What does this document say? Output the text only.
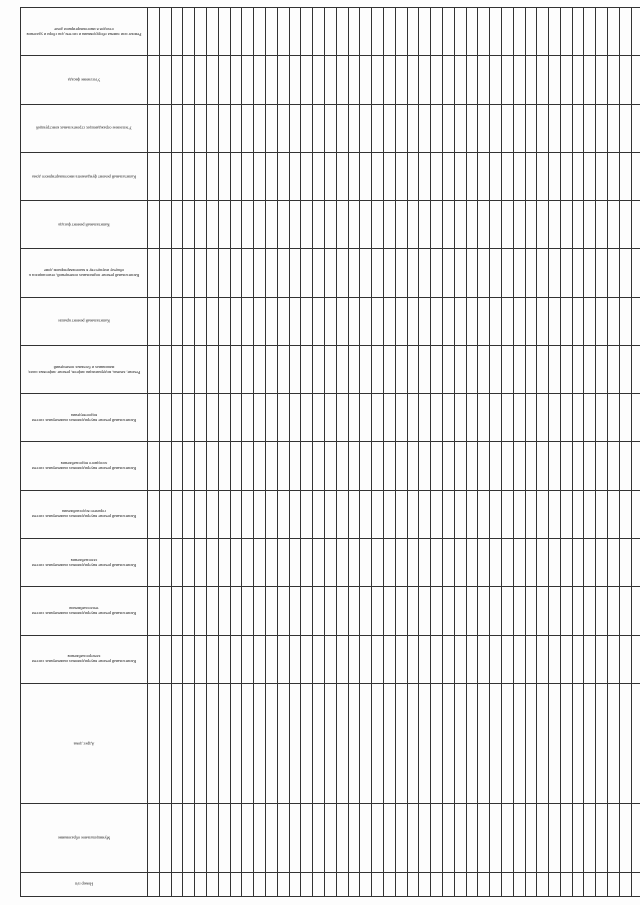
Номер п/п	Муниципальное образование	Адрес дома	Капитальный ремонт внутридомовых инженерных систем электроснабжения	Капитальный ремонт внутридомовых инженерных систем теплоснабжения	Капитальный ремонт внутридомовых инженерных систем газоснабжения	Капитальный ремонт внутридомовых инженерных систем горячего водоснабжения	Капитальный ремонт внутридомовых инженерных систем холодного водоснабжения	Капитальный ремонт внутридомовых инженерных систем водоотведения	Ремонт, замена, модернизация лифтов, ремонт лифтовых шахт, машинных и блочных помещений	Капитальный ремонт крыши	Капитальный ремонт подвальных помещений, относящихся к общему имуществу в многоквартирном доме	Капитальный ремонт фасада	Капитальный ремонт фундамента многоквартирного дома	Утепление ограждающих строительных конструкций	Утепление фасада	Ремонт или замена оборудования и систем для сбора и удаления отходов в многоквартирном доме
